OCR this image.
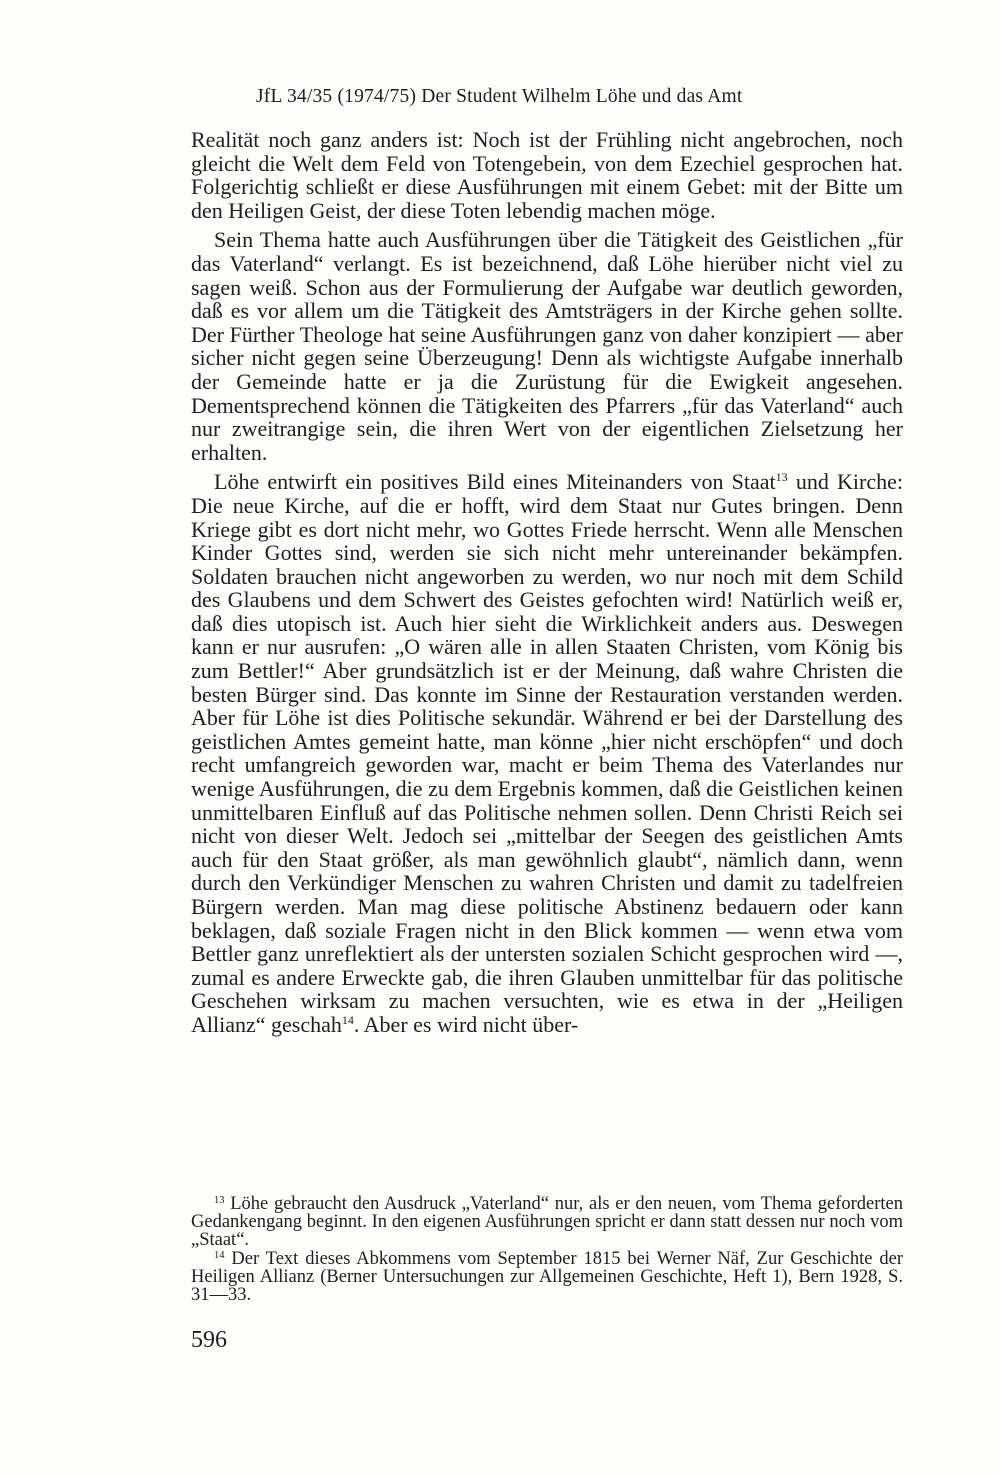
JfL 34/35 (1974/75) Der Student Wilhelm Löhe und das Amt

Realität noch ganz anders ist: Noch ist der Frühling nicht angebrochen, noch gleicht die Welt dem Feld von Totengebein, von dem Ezechiel gesprochen hat. Folgerichtig schließt er diese Ausführungen mit einem Gebet: mit der Bitte um den Heiligen Geist, der diese Toten lebendig machen möge.

Sein Thema hatte auch Ausführungen über die Tätigkeit des Geistlichen „für das Vaterland“ verlangt. Es ist bezeichnend, daß Löhe hierüber nicht viel zu sagen weiß. Schon aus der Formulierung der Aufgabe war deutlich geworden, daß es vor allem um die Tätigkeit des Amtsträgers in der Kirche gehen sollte. Der Fürther Theologe hat seine Ausführungen ganz von daher konzipiert — aber sicher nicht gegen seine Überzeugung! Denn als wichtigste Aufgabe innerhalb der Gemeinde hatte er ja die Zurüstung für die Ewigkeit angesehen. Dementsprechend können die Tätigkeiten des Pfarrers „für das Vaterland“ auch nur zweitrangige sein, die ihren Wert von der eigentlichen Zielsetzung her erhalten.

Löhe entwirft ein positives Bild eines Miteinanders von Staat$^{13}$ und Kirche: Die neue Kirche, auf die er hofft, wird dem Staat nur Gutes bringen. Denn Kriege gibt es dort nicht mehr, wo Gottes Friede herrscht. Wenn alle Menschen Kinder Gottes sind, werden sie sich nicht mehr untereinander bekämpfen. Soldaten brauchen nicht angeworben zu werden, wo nur noch mit dem Schild des Glaubens und dem Schwert des Geistes gefochten wird! Natürlich weiß er, daß dies utopisch ist. Auch hier sieht die Wirklichkeit anders aus. Deswegen kann er nur ausrufen: „O wären alle in allen Staaten Christen, vom König bis zum Bettler!“ Aber grundsätzlich ist er der Meinung, daß wahre Christen die besten Bürger sind. Das konnte im Sinne der Restauration verstanden werden. Aber für Löhe ist dies Politische sekundär. Während er bei der Darstellung des geistlichen Amtes gemeint hatte, man könne „hier nicht erschöpfen“ und doch recht umfangreich geworden war, macht er beim Thema des Vaterlandes nur wenige Ausführungen, die zu dem Ergebnis kommen, daß die Geistlichen keinen unmittelbaren Einfluß auf das Politische nehmen sollen. Denn Christi Reich sei nicht von dieser Welt. Jedoch sei „mittelbar der Seegen des geistlichen Amts auch für den Staat größer, als man gewöhnlich glaubt“, nämlich dann, wenn durch den Verkündiger Menschen zu wahren Christen und damit zu tadelfreien Bürgern werden. Man mag diese politische Abstinenz bedauern oder kann beklagen, daß soziale Fragen nicht in den Blick kommen — wenn etwa vom Bettler ganz unreflektiert als der untersten sozialen Schicht gesprochen wird —, zumal es andere Erweckte gab, die ihren Glauben unmittelbar für das politische Geschehen wirksam zu machen versuchten, wie es etwa in der „Heiligen Allianz“ geschah$^{14}$. Aber es wird nicht über-

$^{13}$ Löhe gebraucht den Ausdruck „Vaterland“ nur, als er den neuen, vom Thema geforderten Gedankengang beginnt. In den eigenen Ausführungen spricht er dann statt dessen nur noch vom „Staat“.

$^{14}$ Der Text dieses Abkommens vom September 1815 bei Werner Näf, Zur Geschichte der Heiligen Allianz (Berner Untersuchungen zur Allgemeinen Geschichte, Heft 1), Bern 1928, S. 31—33.

596
